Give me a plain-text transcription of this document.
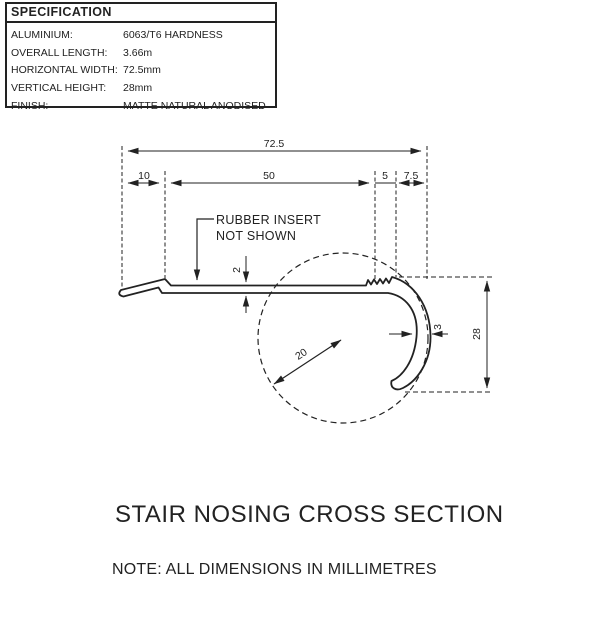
SPECIFICATION
ALUMINIUM:	6063/T6 HARDNESS
OVERALL LENGTH:	3.66m
HORIZONTAL WIDTH: 72.5mm
VERTICAL HEIGHT:	28mm
FINISH:	MATTE NATURAL ANODISED
72.5
10	50	5 7.5
RUBBER INSERT
NOT SHOWN
2
20
3
28
STAIR NOSING CROSS SECTION
NOTE: ALL DIMENSIONS IN MILLIMETRES
